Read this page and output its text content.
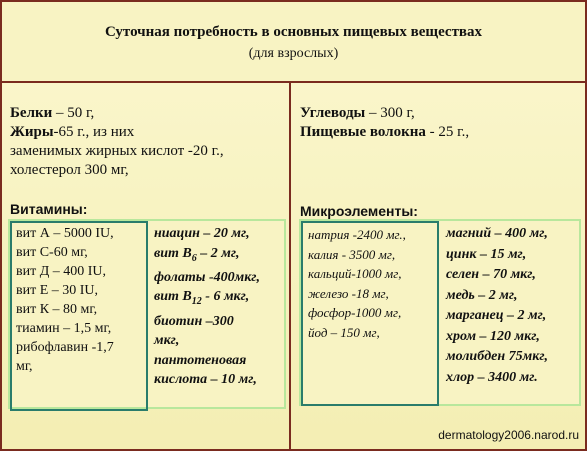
Суточная потребность в основных пищевых веществах
(для взрослых)
Белки – 50 г,
Жиры-65 г., из них
заменимых жирных кислот -20 г.,
холестерол 300 мг,
Витамины:
Углеводы – 300 г,
Пищевые волокна - 25 г.,
Микроэлементы:
вит А – 5000 IU,
вит С-60 мг,
вит Д – 400 IU,
вит Е – 30 IU,
вит К – 80 мг,
тиамин – 1,5 мг,
рибофлавин -1,7
мг,
ниацин – 20 мг,
вит $В_6 - 2$ мг,
фолаты -400мкг,
вит $В_{12} - 6$ мкг,
биотин –300
мкг,
пантотеновая
кислота – 10 мг,
натрия -2400 мг.,
калия - 3500 мг,
кальций-1000 мг,
железо -18 мг,
фосфор-1000 мг,
йод – 150 мг,
магний – 400 мг,
цинк – 15 мг,
селен – 70 мкг,
медь – 2 мг,
марганец – 2 мг,
хром – 120 мкг,
молибден 75мкг,
хлор – 3400 мг.
dermatology2006.narod.ru
